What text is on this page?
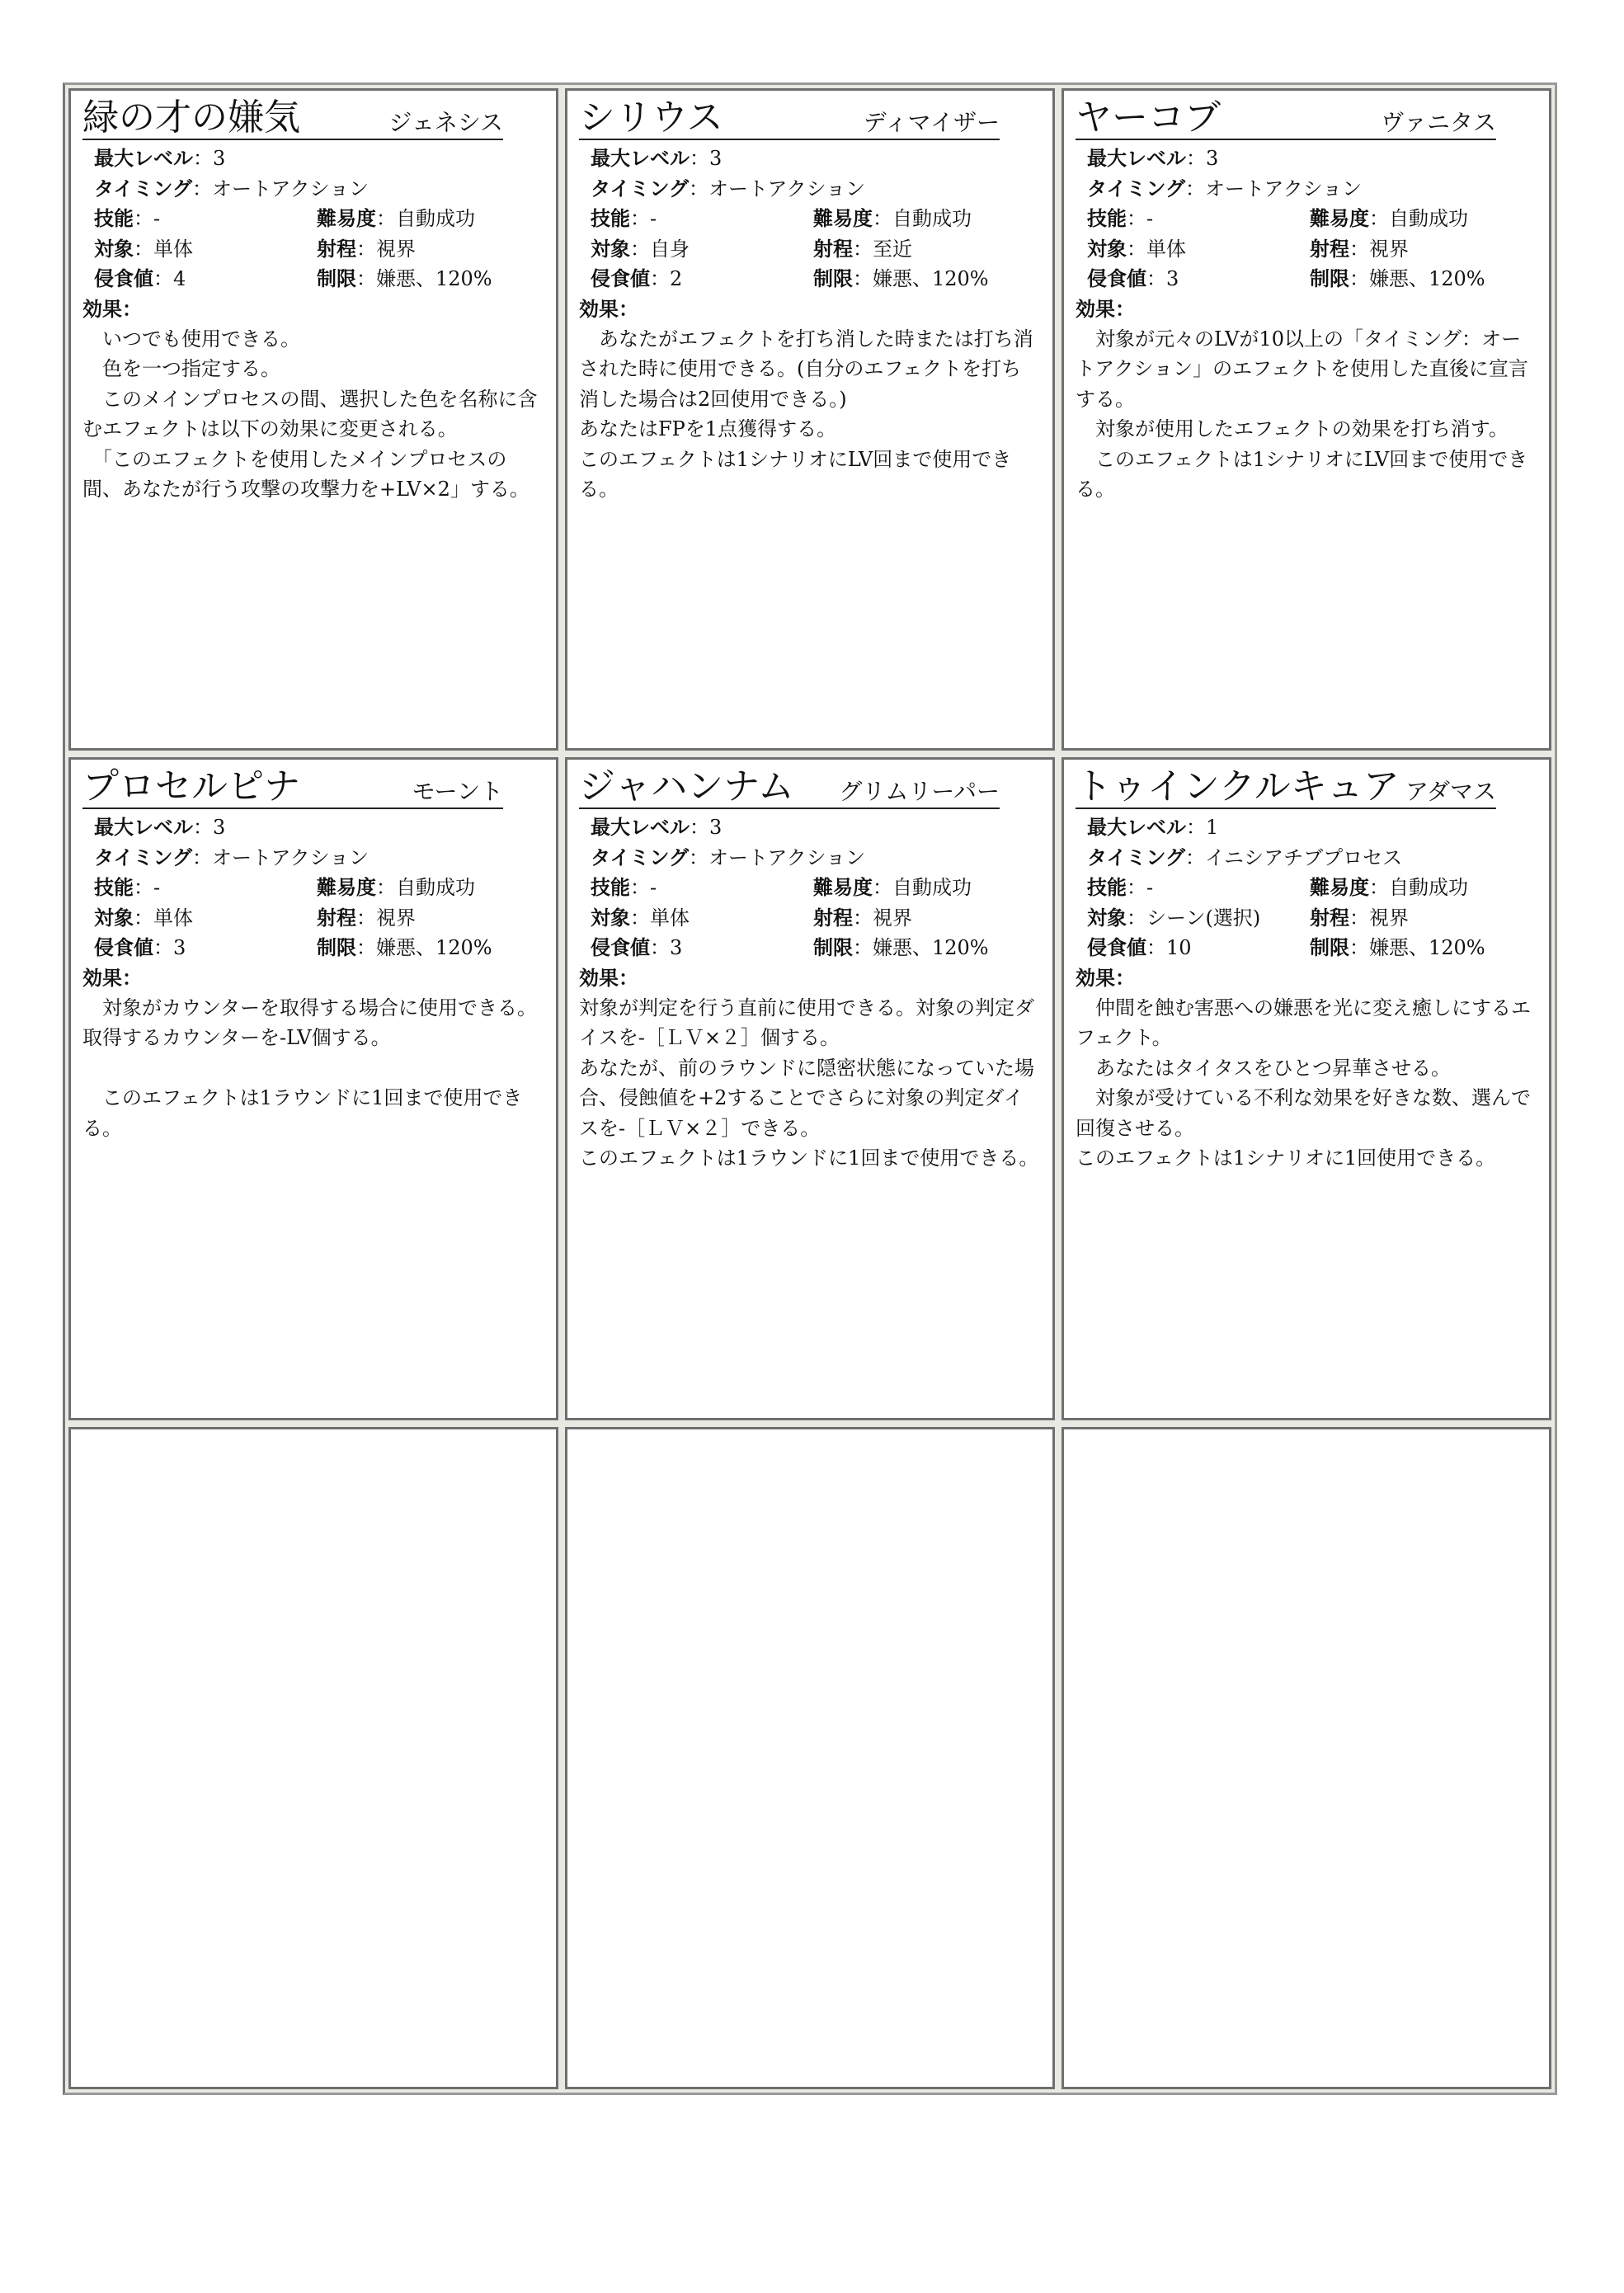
緑の才の嫌気	ジェネシス
最大レベル ：3
タイミング ：オートアクション
技能：-	難易度：自動成功
対象：単体	射程：視界
侵食値：4	制限：嫌悪、120%
効果：

　いつでも使用できる。

　色を一つ指定する。

　このメインプロセスの間、選択した色を名称に含むエフェクトは以下の効果に変更される。

　「このエフェクトを使用したメインプロセスの間、あなたが行う攻撃の攻撃力を+LV×2」する。

シリウス	ディマイザー
最大レベル ：3
タイミング ：オートアクション
技能：-	難易度：自動成功
対象：自身	射程：至近
侵食値：2	制限：嫌悪、120%
効果：

　あなたがエフェクトを打ち消した時または打ち消された時に使用できる。(自分のエフェクトを打ち消した場合は2回使用できる。)

あなたはFPを1点獲得する。

このエフェクトは1シナリオにLV回まで使用できる。

ヤーコブ	ヴァニタス
最大レベル ：3
タイミング ：オートアクション
技能：-	難易度：自動成功
対象：単体	射程：視界
侵食値：3	制限：嫌悪、120%
効果：

　対象が元々のLVが10以上の「タイミング：オートアクション」のエフェクトを使用した直後に宣言する。

　対象が使用したエフェクトの効果を打ち消す。

　このエフェクトは1シナリオにLV回まで使用できる。

プロセルピナ	モーント
最大レベル ：3
タイミング ：オートアクション
技能：-	難易度：自動成功
対象：単体	射程：視界
侵食値：3	制限：嫌悪、120%
効果：

　対象がカウンターを取得する場合に使用できる。取得するカウンターを-LV個する。

　このエフェクトは1ラウンドに1回まで使用できる。

ジャハンナム グリムリーパー
最大レベル ：3
タイミング ：オートアクション
技能：-	難易度：自動成功
対象：単体	射程：視界
侵食値：3	制限：嫌悪、120%
効果：

対象が判定を行う直前に使用できる。対象の判定ダイスを-［ＬＶ×２］個する。

あなたが、前のラウンドに隠密状態になっていた場合、侵蝕値を+2することでさらに対象の判定ダイスを-［ＬＶ×２］できる。

このエフェクトは1ラウンドに1回まで使用できる。

トゥインクルキュア アダマス
最大レベル ：1
タイミング ：イニシアチブプロセス
技能：-	難易度：自動成功
対象：シーン(選択)	射程：視界
侵食値：10	制限：嫌悪、120%
効果：

　仲間を蝕む害悪への嫌悪を光に変え癒しにするエフェクト。

　あなたはタイタスをひとつ昇華させる。

　対象が受けている不利な効果を好きな数、選んで回復させる。

このエフェクトは1シナリオに1回使用できる。
